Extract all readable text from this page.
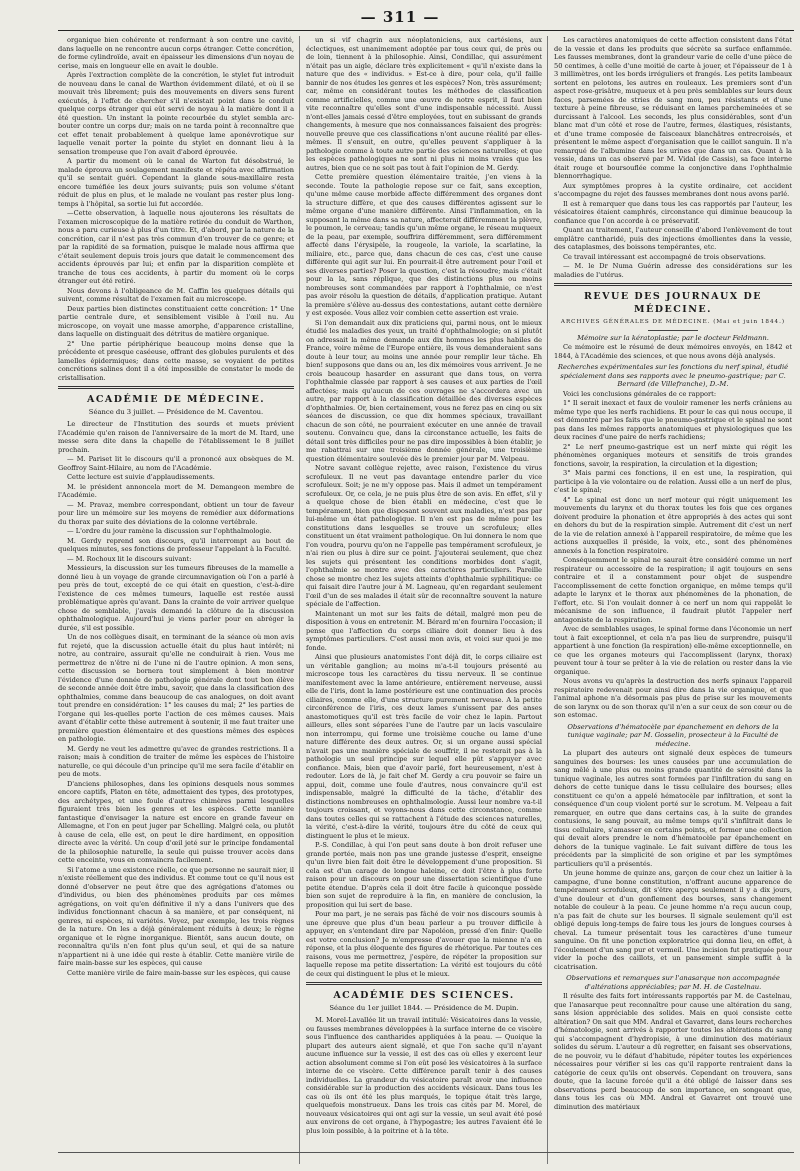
— 311 —

organique bien cohérente et renfermant à son centre une cavité, dans laquelle on ne rencontre aucun corps étranger. Cette concrétion, de forme cylindroïde, avait en épaisseur les dimensions d'un noyau de cerise, mais en longueur elle en avait le double.

Après l'extraction complète de la concrétion, le stylet fut introduit de nouveau dans le canal de Warthon évidemment dilaté, et où il se mouvait très librement; puis des mouvements en divers sens furent exécutés, à l'effet de chercher s'il n'existait point dans le conduit quelque corps étranger qui eût servi de noyau à la matière dont il a été question. Un instant la pointe recourbée du stylet sembla arc-bouter contre un corps dur; mais on ne tarda point à reconnaître que cet effet tenait probablement à quelque lame aponévrotique sur laquelle venait porter la pointe du stylet en donnant lieu à la sensation trompeuse que l'on avait d'abord éprouvée.

A partir du moment où le canal de Warton fut désobstrué, le malade éprouva un soulagement manifeste et répéta avec affirmation qu'il se sentait guéri. Cependant la glande sous-maxillaire resta encore tuméfiée les deux jours suivants; puis son volume s'étant réduit de plus en plus, et le malade ne voulant pas rester plus long-temps à l'hôpital, sa sortie lui fut accordée.

—Cette observation, à laquelle nous ajouterons les résultats de l'examen microscopique de la matière retirée du conduit de Warthon, nous a paru curieuse à plus d'un titre. Et, d'abord, par la nature de la concrétion, car il n'est pas très commun d'en trouver de ce genre; et par la rapidité de sa formation, puisque le malade nous affirma que c'était seulement depuis trois jours que datait le commencement des accidents éprouvés par lui; et enfin par la disparition complète et tranche de tous ces accidents, à partir du moment où le corps étranger eut été retiré.

Nous devons à l'obligeance de M. Caffin les quelques détails qui suivent, comme résultat de l'examen fait au microscope.

Deux parties bien distinctes constituaient cette concrétion: 1° Une partie centrale dure, et sensiblement visible à l'œil nu. Au microscope, on voyait une masse amorphe, d'apparence cristalline, dans laquelle on distinguait des détritus de matière organique.

2° Une partie périphérique beaucoup moins dense que la précédente et presque caséeuse, offrant des globules purulents et des lamelles épidermiques; dans cette masse, se voyaient de petites concrétions salines dont il a été impossible de constater le mode de cristallisation.

ACADÉMIE DE MÉDECINE.
Séance du 3 juillet. — Présidence de M. Caventou.

Le directeur de l'Institution des sourds et muets prévient l'Académie qu'en raison de l'anniversaire de la mort de M. Itard, une messe sera dite dans la chapelle de l'établissement le 8 juillet prochain.

— M. Pariset lit le discours qu'il a prononcé aux obsèques de M. Geoffroy Saint-Hilaire, au nom de l'Académie.

Cette lecture est suivie d'applaudissements.

M. le président annoncela mort de M. Demangeon membre de l'Académie.

— M. Pravaz, membre correspondant, obtient un tour de faveur pour lire un mémoire sur les moyens de remédier aux déformations du thorax par suite des déviations de la colonne vertébrale.

— L'ordre du jour ramène la discussion sur l'ophthalmologie.

M. Gerdy reprend son discours, qu'il interrompt au bout de quelques minutes, ses fonctions de professeur l'appelant à la Faculté.

— M. Rochoux lit le discours suivant:

Messieurs, la discussion sur les tumeurs fibreuses de la mamelle a donné lieu à un voyage de grande circumnavigation où l'on a parlé à peu près de tout, excepté de ce qui était en question, c'est-à-dire l'existence de ces mêmes tumeurs, laquelle est restée aussi problématique après qu'avant. Dans la crainte de voir arriver quelque chose de semblable, j'avais demandé la clôture de la discussion ophthalmologique. Aujourd'hui je viens parler pour en abréger la durée, s'il est possible.

Un de nos collègues disait, en terminant de la séance où mon avis fut rejeté, que la discussion actuelle était du plus haut intérêt; ni notre, au contraire, assurait qu'elle ne conduirait à rien. Vous me permettrez de n'être ni de l'une ni de l'autre opinion. A mon sens, cette discussion se bornera tout simplement à bien montrer l'évidence d'une donnée de pathologie générale dont tout bon élève de seconde année doit être imbu, savoir, que dans la classification des ophthalmies, comme dans beaucoup de cas analogues, on doit avant tout prendre en considération: 1° les causes du mal; 2° les parties de l'organe qui les-quelles porte l'action de ces mêmes causes. Mais avant d'établir cette thèse autrement à soutenir, il me faut traiter une première question élémentaire et des questions mêmes des espèces en pathologie.

M. Gerdy ne veut les admettre qu'avec de grandes restrictions. Il a raison; mais à condition de traiter de même les espèces de l'histoire naturelle, ce qui découle d'un principe qu'il me sera facile d'établir en peu de mots.

D'anciens philosophes, dans les opinions desquels nous sommes encore captifs, Platon en tête, admettaient des types, des prototypes, des archétypes, et une foule d'autres chimères parmi lesquelles figuraient très bien les genres et les espèces. Cette manière fantastique d'envisager la nature est encore en grande faveur en Allemagne, et l'on en peut juger par Schelling. Malgré cela, ou plutôt à cause de cela, elle est, on peut le dire hardiment, en opposition directe avec la vérité. Un coup d'œil jeté sur le principe fondamental de la philosophie naturelle, la seule qui puisse trouver accès dans cette enceinte, vous en convaincra facilement.

Si l'atome a une existence réelle, ce que personne ne saurait nier, il n'existe réellement que des individus. Et comme tout ce qu'il nous est donné d'observer ne peut être que des agrégations d'atomes ou d'individus, ou bien des phénomènes produits par ces mêmes agrégations, on voit qu'en définitive il n'y a dans l'univers que des individus fonctionnant chacun à sa manière, et par conséquent, ni genres, ni espèces, ni variétés. Voyez, par exemple, les trois règnes de la nature. On les a déjà généralement réduits à deux; le règne organique et le règne inorganique. Bientôt, sans aucun doute, on reconnaîtra qu'ils n'en font plus qu'un seul, et qui de sa nature n'appartient ni à une idée qui reste à établir. Cette manière virile de faire main-basse sur les espèces, qui cause

Cette manière virile de faire main-basse sur les espèces, qui cause

un si vif chagrin aux néoplatoniciens, aux cartésiens, aux éclectiques, est unanimement adoptée par tous ceux qui, de près ou de loin, tiennent à la philosophie. Ainsi, Condillac, qui assurément n'était pas un aigle, déclare très explicitement « qu'il n'existe dans la nature que des « individus. » Est-ce à dire, pour cela, qu'il faille bannir de nos études les genres et les espèces? Non, très assurément; car, même en considérant toutes les méthodes de classification comme artificielles, comme une œuvre de notre esprit, il faut bien vite reconnaître qu'elles sont d'une indispensable nécessité. Aussi n'ont-elles jamais cessé d'être employées, tout en subissant de grands changements, à mesure que nos connaissances faisaient des progrès: nouvelle preuve que ces classifications n'ont aucune réalité par elles-mêmes. Il s'ensuit, en outre, qu'elles peuvent s'appliquer à la pathologie comme à toute autre partie des sciences naturelles; et que les espèces pathologiques ne sont ni plus ni moins vraies que les autres, bien que ce ne soit pas tout à fait l'opinion de M. Gerdy.

Cette première question élémentaire traitée, j'en viens à la seconde. Toute la pathologie repose sur ce fait, sans exception, qu'une même cause morbide affecte différemment des organes dont la structure diffère, et que des causes différentes agissent sur le même organe d'une manière différente. Ainsi l'inflammation, en la supposant la même dans sa nature, affecterait différemment la plèvre, le poumon, le cerveau; tandis qu'un même organe, le réseau muqueux de la peau, par exemple, souffrira différemment, sera différemment affecté dans l'érysipèle, la rougeole, la variole, la scarlatine, la miliaire, etc., parce que, dans chacun de ces cas, c'est une cause différente qui agit sur lui. En pourrait-il être autrement pour l'œil et ses diverses parties? Poser la question, c'est la résoudre; mais c'était pour la la, sans réplique, que des distinctions plus ou moins nombreuses sont commandées par rapport à l'ophthalmie, ce n'est pas avoir résolu la question de détails, d'application pratique. Autant la première s'élève au-dessus des contestations, autant cette dernière y est exposée. Vous allez voir combien cette assertion est vraie.

Si l'on demandait aux dix praticiens qui, parmi nous, ont le mieux étudié les maladies des yeux, un traité d'ophthalmologie; on si plutôt on adressait la même demande aux dix hommes les plus habiles de France, voire même de l'Europe entière, ils vous demanderaient sans doute à leur tour, au moins une année pour remplir leur tâche. Eh bien! supposons que dans ou an, les dix mémoires vous arrivent. Je ne crois beaucoup hasarder en assurant que dans tous, on verra l'ophthalmie classée par rapport à ses causes et aux parties de l'œil affectées; mais qu'aucun de ces ouvrages ne s'accordera avec un autre, par rapport à la classification détaillée des diverses espèces d'ophthalmies. Or, bien certainement, vous ne ferez pas en cinq ou six séances de discussion, ce que dix hommes spéciaux, travaillant chacun de son côté, ne pourraient exécuter en une année de travail soutenu. Convaincu que, dans la circonstance actuelle, les faits de détail sont très difficiles pour ne pas dire impossibles à bien établir, je me rabattrai sur une troisième donnée générale, une troisième question élémentaire soulevée dès le premier jour par M. Velpeau.

Notre savant collègue rejette, avec raison, l'existence du virus scrofuleux. Il ne veut pas davantage entendre parler du vice scrofuleux. Soit; je ne m'y oppose pas. Mais il admet un tempérament scrofuleux. Or, ce cela, je ne puis plus être de son avis. En effet, s'il y a quelque chose de bien établi en médecine, c'est que le tempérament, bien que disposant souvent aux maladies, n'est pas par lui-même un état pathologique. Il n'en est pas de même pour les constitutions dans lesquelles se trouve un scrofuleux; elles constituent un état vraiment pathologique. On lui donnera le nom que l'on voudra, pourvu qu'on ne l'appelle pas tempérament scrofuleux, je n'ai rien ou plus à dire sur ce point. J'ajouterai seulement, que chez les sujets qui présentent les conditions morbides dont s'agit, l'ophthalmie se montre avec des caractères particuliers. Pareille chose se montre chez les sujets atteints d'ophthalmie syphilitique: ce qui faisait dire l'autre jour à M. Lagneau, qu'en regardant seulement l'œil d'un de ses malades il était sûr de reconnaître souvent la nature spéciale de l'affection.

Maintenant un mot sur les faits de détail, malgré mon peu de disposition à vous en entretenir. M. Bérard m'en fournira l'occasion; il pense que l'affection du corps ciliaire doit donner lieu à des symptômes particuliers. C'est aussi mon avis, et voici sur quoi je me fonde.

Ainsi que plusieurs anatomistes l'ont déjà dit, le corps ciliaire est un véritable ganglion; au moins m'a-t-il toujours présenté au microscope tous les caractères du tissu nerveux. Il se continue manifestement avec la lame antérieure, entièrement nerveuse, aussi elle de l'iris, dont la lame postérieure est une continuation des procès ciliaires, comme elle, d'une structure purement nerveuse. A la petite circonférence de l'iris, ces deux lames s'unissent par des anses anastomotiques qu'il est très facile de voir chez le lapin. Partout ailleurs, elles sont séparées l'une de l'autre par un lacis vasculaire non interrompu, qui forme une troisième couche ou lame d'une nature différente des deux autres. Or, si un organe aussi spécial n'avait pas une manière spéciale de souffrir, il ne resterait pas à la pathologie un seul principe sur lequel elle pût s'appuyer avec confiance. Mais, bien que d'avoir parlé, fort heureusement, n'est à redouter. Lors de là, je fait chef M. Gerdy a cru pouvoir se faire un appui, doit, comme une foule d'autres, nous convaincre qu'il est indispensable, malgré la difficulté de la tâche, d'établir des distinctions nombreuses en ophthalmologie. Aussi leur nombre va-t-il toujours croissant, et voyons-nous dans cette circonstance, comme dans toutes celles qui se rattachent à l'étude des sciences naturelles, la vérité, c'est-à-dire la vérité, toujours être du côté de ceux qui distinguent le plus et le mieux.

P.-S. Condillac, à qui l'on peut sans doute à bon droit refuser une grande portée, mais non pas une grande justesse d'esprit, enseigne qu'un livre bien fait doit être le développement d'une proposition. Si cela est d'un carage de longue haleine, ce doit l'être à plus forte raison pour un discours on pour une dissertation scientifique d'une petite étendue. D'après cela il doit être facile à quiconque possède bien son sujet de reproduire à la fin, en manière de conclusion, la proposition qui lui sert de base.

Pour ma part, je ne serais pas fâché de voir nos discours soumis à une épreuve que plus d'un beau parleur a pu trouver difficile à appuyer, en s'entendant dire par Napoléon, pressé d'en finir: Quelle est votre conclusion? Je m'empresse d'avouer que la mienne n'a en réponse, et la plus éloquente des figures de rhétorique. Par toutes ces raisons, vous me permettrez, j'espère, de répéter la proposition sur laquelle repose ma petite dissertation: La vérité est toujours du côté de ceux qui distinguent le plus et le mieux.

ACADÉMIE DES SCIENCES.
Séance du 1er juillet 1844. — Présidence de M. Dupin.

M. Morel-Lavallée lit un travail intitulé: Vésicatoires dans la vessie, ou fausses membranes développées à la surface interne de ce viscère sous l'influence des cantharides appliquées à la peau. — Quoique la plupart des auteurs aient signalé, et que l'on sache qu'il n'ayant aucune influence sur la vessie, il est des cas où elles y exercent leur action absolument comme si l'on eût posé les vésicatoires à la surface interne de ce viscère. Cette différence paraît tenir à des causes individuelles. La grandeur du vésicatoire paraît avoir une influence considérable sur la production des accidents vésicaux. Dans tous les cas où ils ont été les plus marqués, le topique était très large, quelquefois monstrueux. Dans les trois cas cités par M. Morel, de nouveaux vésicatoires qui ont agi sur la vessie, un seul avait été posé aux environs de cet organe, à l'hypogastre; les autres l'avaient été le plus loin possible, à la poitrine et à la tête.

Les caractères anatomiques de cette affection consistent dans l'état de la vessie et dans les produits que sécrète sa surface enflammée. Les fausses membranes, dont la grandeur varie de celle d'une pièce de 50 centimes, à celle d'une moitié de carte à jouer, et l'épaisseur de 1 à 3 millimètres, ont les bords irréguliers et frangés. Les petits lambeaux sortent en pelotons, les autres en rouleaux. Les premiers sont d'un aspect rose-grisâtre, muqueux et à peu près semblables sur leurs deux faces, parsemées de stries de sang mou, peu résistants et d'une texture à peine fibreuse, se réduisant en lames parchemineées et se durcissant à l'alcool. Les seconds, les plus considérables, sont d'un blanc mat d'un côté et rose de l'autre, fermes, élastiques, résistants, et d'une trame composée de faisceaux blanchâtres entrecroisés, et présentent le même aspect d'organisation que le caillot sanguin. Il n'a remarqué de l'albumine dans les urines que dans un cas. Quant à la vessie, dans un cas observé par M. Vidal (de Cassis), sa face interne était rouge et boursouflée comme la conjonctive dans l'ophthalmie blennorrhagique.

Aux symptômes propres à la cystite ordinaire, cet accident s'accompagne du rejet des fausses membranes dont nous avons parlé.

Il est à remarquer que dans tous les cas rapportés par l'auteur, les vésicatoires étaient camphrés, circonstance qui diminue beaucoup la confiance que l'on accorde à ce préservatif.

Quant au traitement, l'auteur conseille d'abord l'enlèvement de tout emplâtre cantharidé, puis des injections émollientes dans la vessie, des cataplasmes, des boissons tempérantes, etc.

Ce travail intéressant est accompagné de trois observations.

— M. le Dr Numa Guérin adresse des considérations sur les maladies de l'utérus.

REVUE DES JOURNAUX DE MÉDECINE.
ARCHIVES GÉNÉRALES DE MÉDECINE. (Mai et juin 1844.)
Mémoire sur la kératoplastie; par le docteur Feldmann.

Ce mémoire est le résumé de deux mémoires envoyés, en 1842 et 1844, à l'Académie des sciences, et que nous avons déjà analysés.

Recherches expérimentales sur les fonctions du nerf spinal, étudié spécialement dans ses rapports avec le pneumo-gastrique; par C. Bernard (de Villefranche), D.-M.

Voici les conclusions générales de ce rapport:

1° Il serait inexact et faux de vouloir ramener les nerfs crâniens au même type que les nerfs rachidiens. Et pour le cas qui nous occupe, il est démontré par les faits que le pneumo-gastrique et le spinal ne sont pas dans les mêmes rapports anatomiques et physiologiques que les deux racines d'une paire de nerfs rachidiens;

2° Le nerf pneumo-gastrique est un nerf mixte qui régit les phénomènes organiques moteurs et sensitifs de trois grandes fonctions, savoir, la respiration, la circulation et la digestion;

3° Mais parmi ces fonctions, il en est une, la respiration, qui participe à la vie volontaire ou de relation. Aussi elle a un nerf de plus, c'est le spinal;

4° Le spinal est donc un nerf moteur qui régit uniquement les mouvements du larynx et du thorax toutes les fois que ces organes doivent produire la phonation et être appropriés à des actes qui sont en dehors du but de la respiration simple. Autrement dit c'est un nerf de la vie de relation annexé à l'appareil respiratoire, de même que les actions auxquelles il préside, la voix, etc., sont des phénomènes annexés à la fonction respiratoire.

Conséquemment le spinal ne saurait être considéré comme un nerf respirateur ou accessoire de la respiration; il agit toujours en sens contraire et il a constamment pour objet de suspendre l'accomplissement de cette fonction organique, en même temps qu'il adapte le larynx et le thorax aux phénomènes de la phonation, de l'effort, etc. Si l'on voulait donner à ce nerf un nom qui rappelât le mécanisme de son influence, il faudrait plutôt l'appeler nerf antagoniste de la respiration.

Avec de semblables usages, le spinal forme dans l'économie un nerf tout à fait exceptionnel, et cela n'a pas lieu de surprendre, puisqu'il appartient à une fonction (la respiration) elle-même exceptionnelle, en ce que les organes moteurs qui l'accomplissent (larynx, thorax) peuvent tour à tour se prêter à la vie de relation ou rester dans la vie organique.

Nous avons vu qu'après la destruction des nerfs spinaux l'appareil respiratoire redevenait pour ainsi dire dans la vie organique, et que l'animal aphone n'a désormais pas plus de prise sur les mouvements de son larynx ou de son thorax qu'il n'en a sur ceux de son cœur ou de son estomac.

Observations d'hématocèle par épanchement en dehors de la tunique vaginale; par M. Gosselin, prosecteur à la Faculté de médecine.

La plupart des auteurs ont signalé deux espèces de tumeurs sanguines des bourses: les unes causées par une accumulation de sang mêlé à une plus ou moins grande quantité de sérosité dans la tunique vaginale, les autres sont formées par l'infiltration du sang en dehors de cette tunique dans le tissu cellulaire des bourses; elles constituent ce qu'on a appelé hématocèle par infiltration, et sont la conséquence d'un coup violent porté sur le scrotum. M. Velpeau a fait remarquer, en outre que dans certains cas, à la suite de grandes contusions, le sang pouvait, au même temps qu'il s'infiltrait dans le tissu cellulaire, s'amasser en certains points, et former une collection qui devait alors prendre le nom d'hématocèle par épanchement en dehors de la tunique vaginale. Le fait suivant diffère de tous les précédents par la simplicité de son origine et par les symptômes particuliers qu'il a présentés.

Un jeune homme de quinze ans, garçon de cour chez un laitier à la campagne, d'une bonne constitution, n'offrant aucune apparence de tempérament scrofuleux, dit s'être aperçu seulement il y a dix jours, d'une douleur et d'un gonflement des bourses, sans changement notable de couleur à la peau. Ce jeune homme n'a reçu aucun coup, n'a pas fait de chute sur les bourses. Il signale seulement qu'il est obligé depuis long-temps de faire tous les jours de longues courses à cheval. La tumeur présentait tous les caractères d'une tumeur sanguine. On fit une ponction exploratrice qui donna lieu, en effet, à l'écoulement d'un sang pur et vermeil. Une incision fut pratiquée pour vider la poche des caillots, et un pansement simple suffit à la cicatrisation.

Observations et remarques sur l'anasarque non accompagnée d'altérations appréciables; par M. H. de Castelnau.

Il résulte des faits fort intéressants rapportés par M. de Castelnau, que l'anasarque peut reconnaître pour cause une altération du sang, sans lésion appréciable des solides. Mais en quoi consiste cette altération? On sait que MM. Andral et Gavarret, dans leurs recherches d'hématologie, sont arrivés à rapporter toutes les altérations du sang qui s'accompagnent d'hydropisie, à une diminution des matériaux solides du sérum. L'auteur a dû regretter, en faisant ses observations, de ne pouvoir, vu le défaut d'habitude, répéter toutes les expériences nécessaires pour vérifier si les cas qu'il rapporte rentraient dans la catégorie de ceux qu'ils ont observés. Cependant on trouvera, sans doute, que la lacune forcée qu'il a été obligé de laisser dans ses observations perd beaucoup de son importance, en songeant que, dans tous les cas où MM. Andral et Gavarret ont trouvé une diminution des matériaux
